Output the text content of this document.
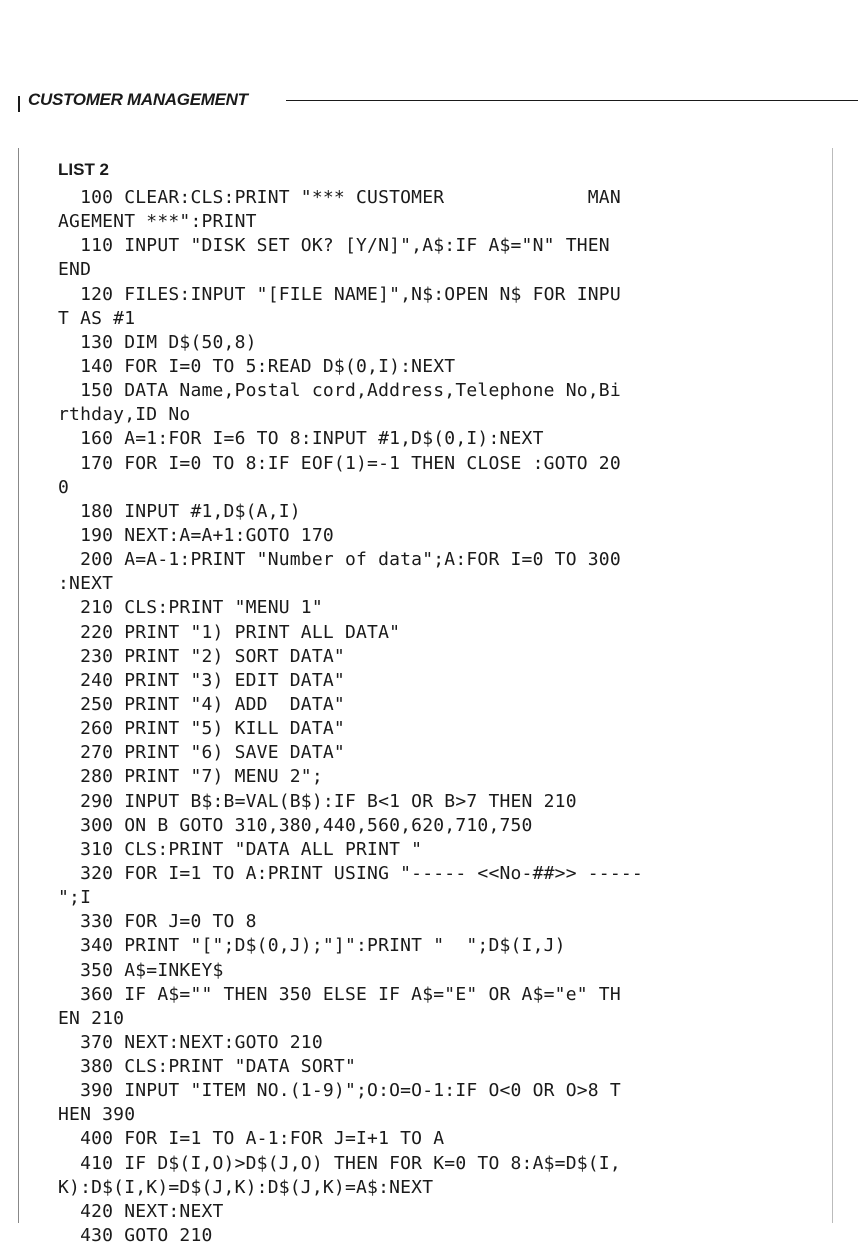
CUSTOMER MANAGEMENT
LIST 2
100 CLEAR:CLS:PRINT "*** CUSTOMER             MAN
AGEMENT ***":PRINT
110 INPUT "DISK SET OK? [Y/N]",A$:IF A$="N" THEN
END
120 FILES:INPUT "[FILE NAME]",N$:OPEN N$ FOR INPU
T AS #1
130 DIM D$(50,8)
140 FOR I=0 TO 5:READ D$(0,I):NEXT
150 DATA Name,Postal cord,Address,Telephone No,Bi
rthday,ID No
160 A=1:FOR I=6 TO 8:INPUT #1,D$(0,I):NEXT
170 FOR I=0 TO 8:IF EOF(1)=-1 THEN CLOSE :GOTO 20
0
180 INPUT #1,D$(A,I)
190 NEXT:A=A+1:GOTO 170
200 A=A-1:PRINT "Number of data";A:FOR I=0 TO 300
:NEXT
210 CLS:PRINT "MENU 1"
220 PRINT "1) PRINT ALL DATA"
230 PRINT "2) SORT DATA"
240 PRINT "3) EDIT DATA"
250 PRINT "4) ADD  DATA"
260 PRINT "5) KILL DATA"
270 PRINT "6) SAVE DATA"
280 PRINT "7) MENU 2";
290 INPUT B$:B=VAL(B$):IF B<1 OR B>7 THEN 210
300 ON B GOTO 310,380,440,560,620,710,750
310 CLS:PRINT "DATA ALL PRINT "
320 FOR I=1 TO A:PRINT USING "----- <<No-##>> -----
";I
330 FOR J=0 TO 8
340 PRINT "[";D$(0,J);"]":PRINT "  ";D$(I,J)
350 A$=INKEY$
360 IF A$="" THEN 350 ELSE IF A$="E" OR A$="e" TH
EN 210
370 NEXT:NEXT:GOTO 210
380 CLS:PRINT "DATA SORT"
390 INPUT "ITEM NO.(1-9)";O:O=O-1:IF O<0 OR O>8 T
HEN 390
400 FOR I=1 TO A-1:FOR J=I+1 TO A
410 IF D$(I,O)>D$(J,O) THEN FOR K=0 TO 8:A$=D$(I,
K):D$(I,K)=D$(J,K):D$(J,K)=A$:NEXT
420 NEXT:NEXT
430 GOTO 210
